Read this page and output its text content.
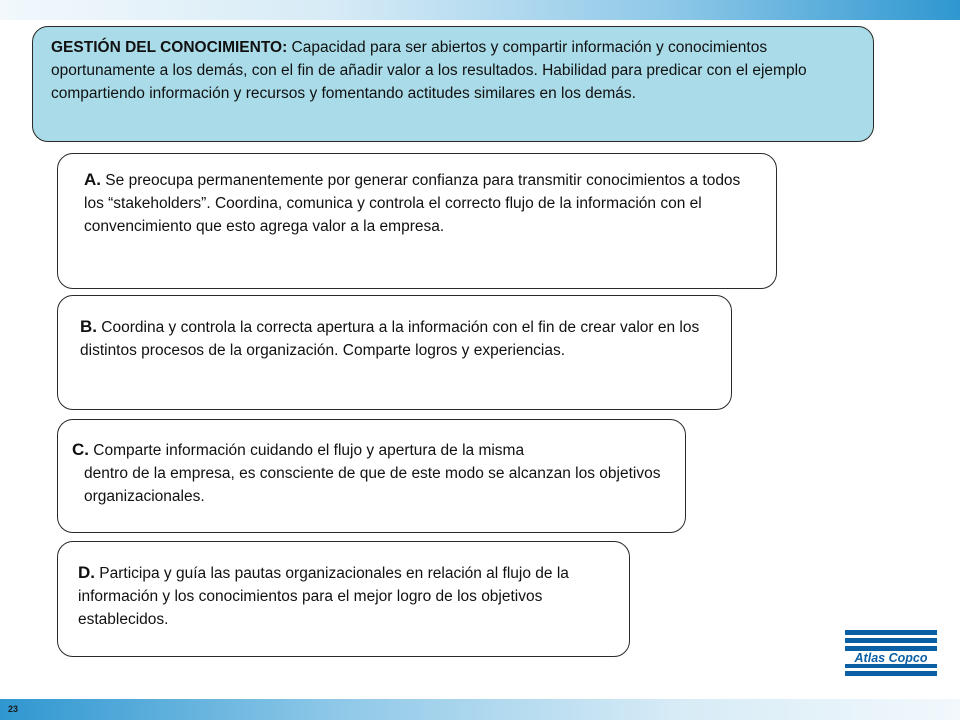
GESTIÓN DEL CONOCIMIENTO: Capacidad para ser abiertos y compartir información y conocimientos oportunamente a los demás, con el fin de añadir valor a los resultados. Habilidad para predicar con el ejemplo compartiendo información y recursos y fomentando actitudes similares en los demás.
A. Se preocupa permanentemente por generar confianza para transmitir conocimientos a todos los “stakeholders”. Coordina, comunica y controla el correcto flujo de la información con el convencimiento que esto agrega valor a la empresa.
B. Coordina y controla la correcta apertura a la información con el fin de crear valor en los distintos procesos de la organización. Comparte logros y experiencias.
C. Comparte información cuidando el flujo y apertura de la misma
dentro de la empresa, es consciente de que de este modo se alcanzan los objetivos organizacionales.
D. Participa y guía las pautas organizacionales en relación al flujo de la información y los conocimientos para el mejor logro de los objetivos establecidos.
Atlas Copco
23
